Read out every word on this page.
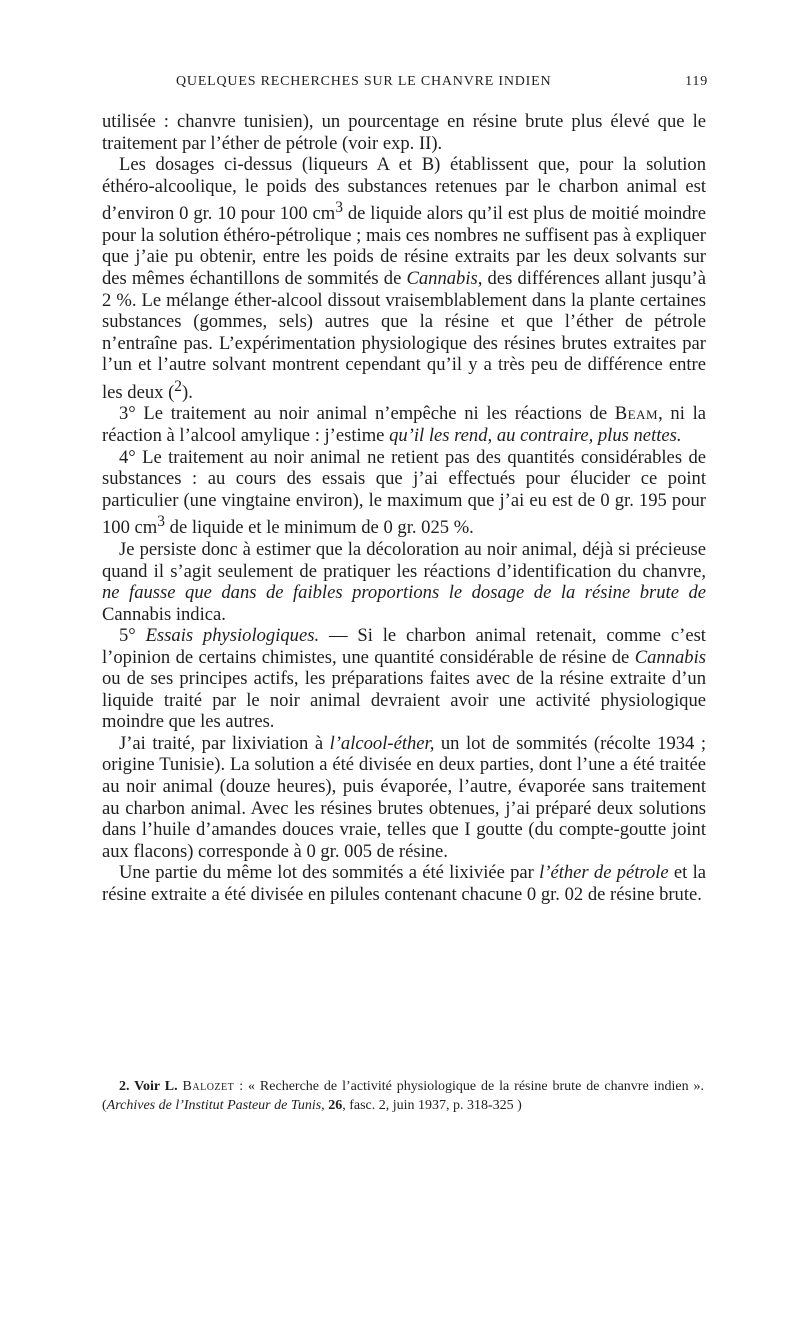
QUELQUES RECHERCHES SUR LE CHANVRE INDIEN	119

utilisée : chanvre tunisien), un pourcentage en résine brute plus élevé que le traitement par l’éther de pétrole (voir exp. II).

Les dosages ci-dessus (liqueurs A et B) établissent que, pour la solution éthéro-alcoolique, le poids des substances retenues par le charbon animal est d’environ 0 gr. 10 pour 100 $cm^3$ de liquide alors qu’il est plus de moitié moindre pour la solution éthéro-pétrolique ; mais ces nombres ne suffisent pas à expliquer que j’aie pu obtenir, entre les poids de résine extraits par les deux solvants sur des mêmes échantillons de sommités de Cannabis, des différences allant jusqu’à 2 %. Le mélange éther-alcool dissout vraisemblablement dans la plante certaines substances (gommes, sels) autres que la résine et que l’éther de pétrole n’entraîne pas. L’expérimentation physiologique des résines brutes extraites par l’un et l’autre solvant montrent cependant qu’il y a très peu de différence entre les deux ($^2$).

3° Le traitement au noir animal n’empêche ni les réactions de Beam, ni la réaction à l’alcool amylique : j’estime qu’il les rend, au contraire, plus nettes.

4° Le traitement au noir animal ne retient pas des quantités considérables de substances : au cours des essais que j’ai effectués pour élucider ce point particulier (une vingtaine environ), le maximum que j’ai eu est de 0 gr. 195 pour 100 $cm^3$ de liquide et le minimum de 0 gr. 025 %.

Je persiste donc à estimer que la décoloration au noir animal, déjà si précieuse quand il s’agit seulement de pratiquer les réactions d’identification du chanvre, ne fausse que dans de faibles proportions le dosage de la résine brute de Cannabis indica.

5° Essais physiologiques. — Si le charbon animal retenait, comme c’est l’opinion de certains chimistes, une quantité considérable de résine de Cannabis ou de ses principes actifs, les préparations faites avec de la résine extraite d’un liquide traité par le noir animal devraient avoir une activité physiologique moindre que les autres.

J’ai traité, par lixiviation à l’alcool-éther, un lot de sommités (récolte 1934 ; origine Tunisie). La solution a été divisée en deux parties, dont l’une a été traitée au noir animal (douze heures), puis évaporée, l’autre, évaporée sans traitement au charbon animal. Avec les résines brutes obtenues, j’ai préparé deux solutions dans l’huile d’amandes douces vraie, telles que I goutte (du compte-goutte joint aux flacons) corresponde à 0 gr. 005 de résine.

Une partie du même lot des sommités a été lixiviée par l’éther de pétrole et la résine extraite a été divisée en pilules contenant chacune 0 gr. 02 de résine brute.

2. Voir L. Balozet : « Recherche de l’activité physiologique de la résine brute de chanvre indien ». (Archives de l’Institut Pasteur de Tunis, 26, fasc. 2, juin 1937, p. 318-325 )
